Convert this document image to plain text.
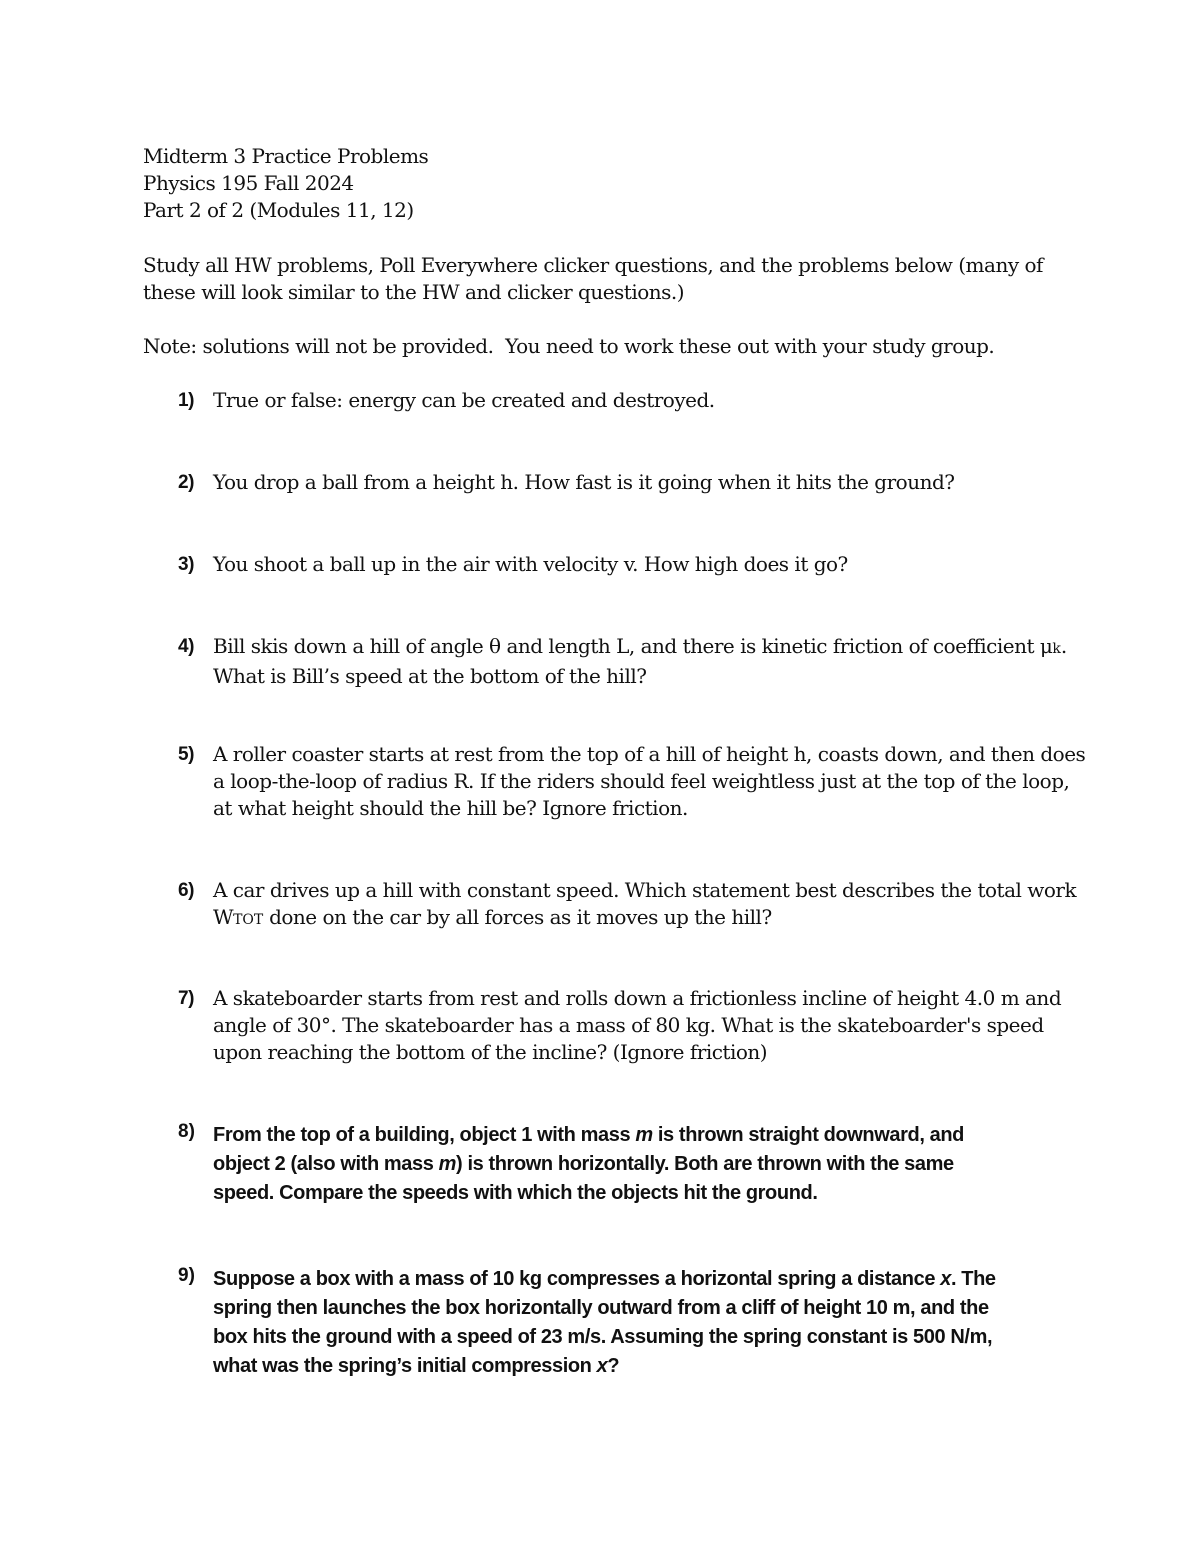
Midterm 3 Practice Problems
Physics 195 Fall 2024
Part 2 of 2 (Modules 11, 12)
Study all HW problems, Poll Everywhere clicker questions, and the problems below (many of
these will look similar to the HW and clicker questions.)
Note: solutions will not be provided.  You need to work these out with your study group.
1) True or false: energy can be created and destroyed.
2) You drop a ball from a height h. How fast is it going when it hits the ground?
3) You shoot a ball up in the air with velocity v. How high does it go?
4) Bill skis down a hill of angle θ and length L, and there is kinetic friction of coefficient μk.
What is Bill’s speed at the bottom of the hill?
5) A roller coaster starts at rest from the top of a hill of height h, coasts down, and then does
a loop-the-loop of radius R. If the riders should feel weightless just at the top of the loop,
at what height should the hill be? Ignore friction.
6) A car drives up a hill with constant speed. Which statement best describes the total work
WTOT done on the car by all forces as it moves up the hill?
7) A skateboarder starts from rest and rolls down a frictionless incline of height 4.0 m and
angle of 30°. The skateboarder has a mass of 80 kg. What is the skateboarder's speed
upon reaching the bottom of the incline? (Ignore friction)
8) From the top of a building, object 1 with mass m is thrown straight downward, and
object 2 (also with mass m) is thrown horizontally. Both are thrown with the same
speed. Compare the speeds with which the objects hit the ground.
9) Suppose a box with a mass of 10 kg compresses a horizontal spring a distance x. The
spring then launches the box horizontally outward from a cliff of height 10 m, and the
box hits the ground with a speed of 23 m/s. Assuming the spring constant is 500 N/m,
what was the spring’s initial compression x?
